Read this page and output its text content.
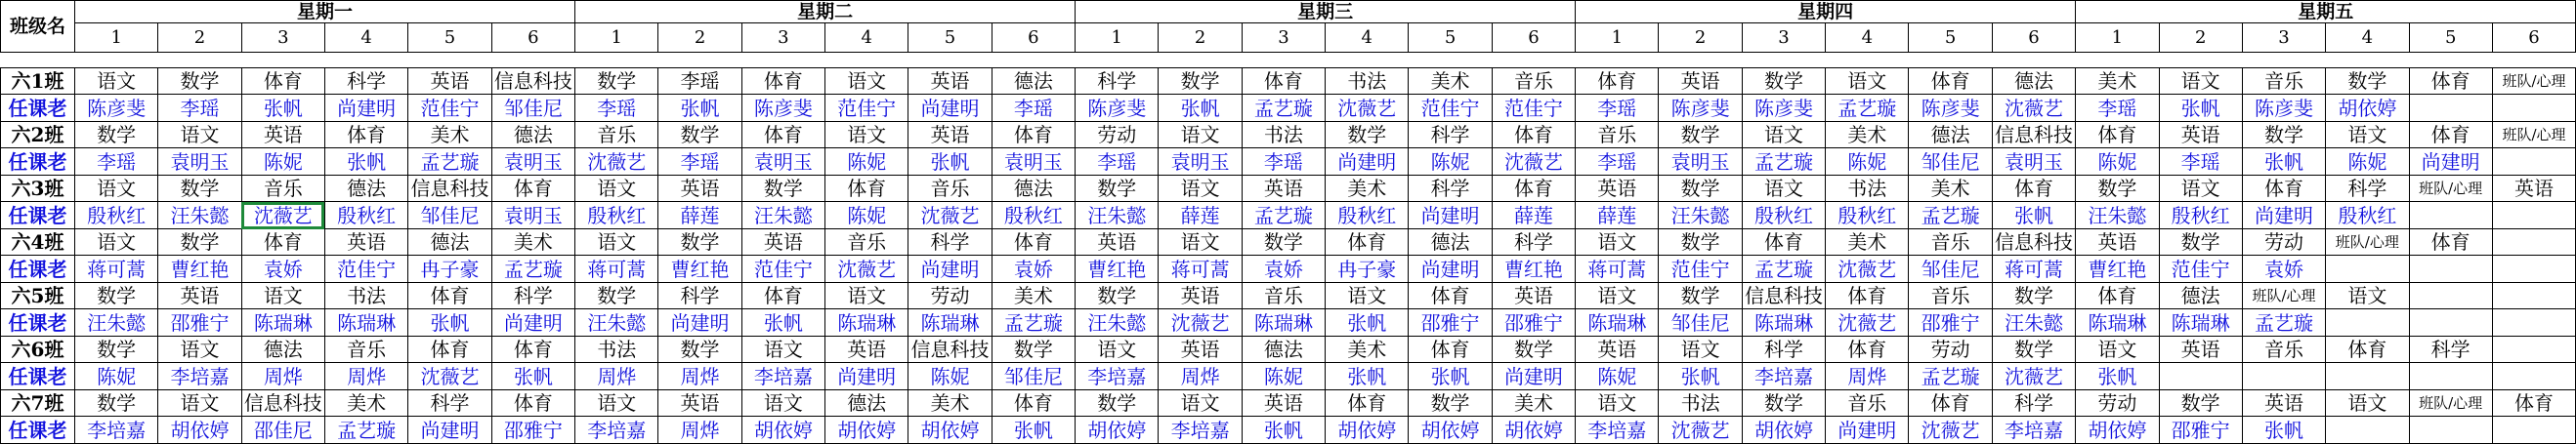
班级名	星期一						星期二						星期三						星期四						星期五					
	1	2	3	4	5	6	1	2	3	4	5	6	1	2	3	4	5	6	1	2	3	4	5	6	1	2	3	4	5	6

六1班	语文	数学	体育	科学	英语	信息科技	数学	李瑶	体育	语文	英语	德法	科学	数学	体育	书法	美术	音乐	体育	英语	数学	语文	体育	德法	美术	语文	音乐	数学	体育	班队/心理
任课老	陈彦斐	李瑶	张帆	尚建明	范佳宁	邹佳尼	李瑶	张帆	陈彦斐	范佳宁	尚建明	李瑶	陈彦斐	张帆	孟艺璇	沈薇艺	范佳宁	范佳宁	李瑶	陈彦斐	陈彦斐	孟艺璇	陈彦斐	沈薇艺	李瑶	张帆	陈彦斐	胡依婷		
六2班	数学	语文	英语	体育	美术	德法	音乐	数学	体育	语文	英语	体育	劳动	语文	书法	数学	科学	体育	音乐	数学	语文	美术	德法	信息科技	体育	英语	数学	语文	体育	班队/心理
任课老	李瑶	袁明玉	陈妮	张帆	孟艺璇	袁明玉	沈薇艺	李瑶	袁明玉	陈妮	张帆	袁明玉	李瑶	袁明玉	李瑶	尚建明	陈妮	沈薇艺	李瑶	袁明玉	孟艺璇	陈妮	邹佳尼	袁明玉	陈妮	李瑶	张帆	陈妮	尚建明	
六3班	语文	数学	音乐	德法	信息科技	体育	语文	英语	数学	体育	音乐	德法	数学	语文	英语	美术	科学	体育	英语	数学	语文	书法	美术	体育	数学	语文	体育	科学	班队/心理	英语
任课老	殷秋红	汪朱懿	沈薇艺	殷秋红	邹佳尼	袁明玉	殷秋红	薛莲	汪朱懿	陈妮	沈薇艺	殷秋红	汪朱懿	薛莲	孟艺璇	殷秋红	尚建明	薛莲	薛莲	汪朱懿	殷秋红	殷秋红	孟艺璇	张帆	汪朱懿	殷秋红	尚建明	殷秋红		
六4班	语文	数学	体育	英语	德法	美术	语文	数学	英语	音乐	科学	体育	英语	语文	数学	体育	德法	科学	语文	数学	体育	美术	音乐	信息科技	英语	数学	劳动	班队/心理	体育	
任课老	蒋可蒿	曹红艳	袁娇	范佳宁	冉子豪	孟艺璇	蒋可蒿	曹红艳	范佳宁	沈薇艺	尚建明	袁娇	曹红艳	蒋可蒿	袁娇	冉子豪	尚建明	曹红艳	蒋可蒿	范佳宁	孟艺璇	沈薇艺	邹佳尼	蒋可蒿	曹红艳	范佳宁	袁娇			
六5班	数学	英语	语文	书法	体育	科学	数学	科学	体育	语文	劳动	美术	数学	英语	音乐	语文	体育	英语	语文	数学	信息科技	体育	音乐	数学	体育	德法	班队/心理	语文		
任课老	汪朱懿	邵雅宁	陈瑞琳	陈瑞琳	张帆	尚建明	汪朱懿	尚建明	张帆	陈瑞琳	陈瑞琳	孟艺璇	汪朱懿	沈薇艺	陈瑞琳	张帆	邵雅宁	邵雅宁	陈瑞琳	邹佳尼	陈瑞琳	沈薇艺	邵雅宁	汪朱懿	陈瑞琳	陈瑞琳	孟艺璇			
六6班	数学	语文	德法	音乐	体育	体育	书法	数学	语文	英语	信息科技	数学	语文	英语	德法	美术	体育	数学	英语	语文	科学	体育	劳动	数学	语文	英语	音乐	体育	科学	
任课老	陈妮	李培嘉	周烨	周烨	沈薇艺	张帆	周烨	周烨	李培嘉	尚建明	陈妮	邹佳尼	李培嘉	周烨	陈妮	张帆	张帆	尚建明	陈妮	张帆	李培嘉	周烨	孟艺璇	沈薇艺	张帆					
六7班	数学	语文	信息科技	美术	科学	体育	语文	英语	语文	德法	美术	体育	数学	语文	英语	体育	数学	美术	语文	书法	数学	音乐	体育	科学	劳动	数学	英语	语文	班队/心理	体育
任课老	李培嘉	胡依婷	邵佳尼	孟艺璇	尚建明	邵雅宁	李培嘉	周烨	胡依婷	胡依婷	胡依婷	张帆	胡依婷	李培嘉	张帆	胡依婷	胡依婷	胡依婷	李培嘉	沈薇艺	胡依婷	尚建明	沈薇艺	李培嘉	胡依婷	邵雅宁	张帆			
